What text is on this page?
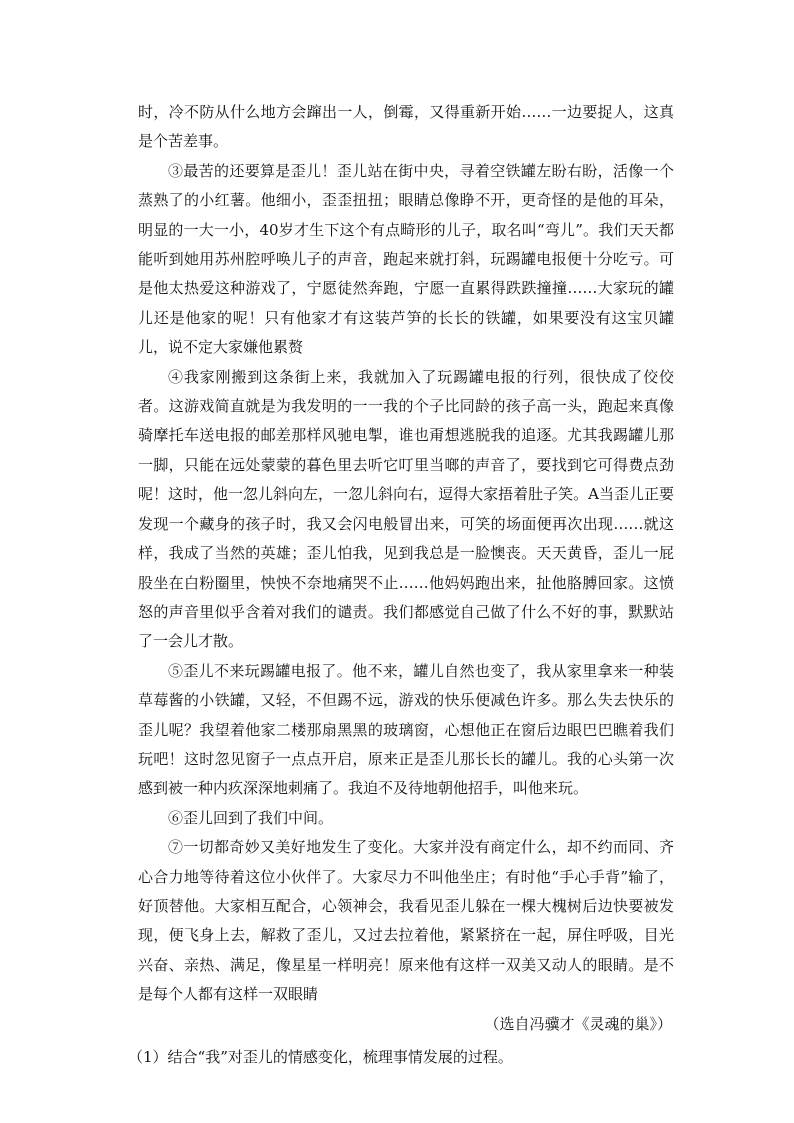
时，冷不防从什么地方会蹿出一人，倒霉，又得重新开始……一边要捉人，这真是个苦差事。

③最苦的还要算是歪儿！歪儿站在街中央，寻着空铁罐左盼右盼，活像一个蒸熟了的小红薯。他细小，歪歪扭扭；眼睛总像睁不开，更奇怪的是他的耳朵，明显的一大一小，40岁才生下这个有点畸形的儿子，取名叫“弯儿”。我们天天都能听到她用苏州腔呼唤儿子的声音，跑起来就打斜，玩踢罐电报便十分吃亏。可是他太热爱这种游戏了，宁愿徒然奔跑，宁愿一直累得跌跌撞撞……大家玩的罐儿还是他家的呢！只有他家才有这装芦笋的长长的铁罐，如果要没有这宝贝罐儿，说不定大家嫌他累赘

④我家刚搬到这条街上来，我就加入了玩踢罐电报的行列，很快成了佼佼者。这游戏简直就是为我发明的一一我的个子比同龄的孩子高一头，跑起来真像骑摩托车送电报的邮差那样风驰电掣，谁也甭想逃脱我的追逐。尤其我踢罐儿那一脚，只能在远处蒙蒙的暮色里去听它叮里当啷的声音了，要找到它可得费点劲呢！这时，他一忽儿斜向左，一忽儿斜向右，逗得大家捂着肚子笑。A当歪儿正要发现一个藏身的孩子时，我又会闪电般冒出来，可笑的场面便再次出现……就这样，我成了当然的英雄；歪儿怕我，见到我总是一脸懊丧。天天黄昏，歪儿一屁股坐在白粉圈里，怏怏不奈地痛哭不止……他妈妈跑出来，扯他胳膊回家。这愤怒的声音里似乎含着对我们的谴责。我们都感觉自己做了什么不好的事，默默站了一会儿才散。

⑤歪儿不来玩踢罐电报了。他不来，罐儿自然也变了，我从家里拿来一种装草莓酱的小铁罐，又轻，不但踢不远，游戏的快乐便减色许多。那么失去快乐的歪儿呢？我望着他家二楼那扇黑黑的玻璃窗，心想他正在窗后边眼巴巴瞧着我们玩吧！这时忽见窗子一点点开启，原来正是歪儿那长长的罐儿。我的心头第一次感到被一种内疚深深地刺痛了。我迫不及待地朝他招手，叫他来玩。

⑥歪儿回到了我们中间。

⑦一切都奇妙又美好地发生了变化。大家并没有商定什么，却不约而同、齐心合力地等待着这位小伙伴了。大家尽力不叫他坐庄；有时他“手心手背”输了，好顶替他。大家相互配合，心领神会，我看见歪儿躲在一棵大槐树后边快要被发现，便飞身上去，解救了歪儿，又过去拉着他，紧紧挤在一起，屏住呼吸，目光兴奋、亲热、满足，像星星一样明亮！原来他有这样一双美又动人的眼睛。是不是每个人都有这样一双眼睛

（选自冯骥才《灵魂的巢》）

（1）结合“我”对歪儿的情感变化，梳理事情发展的过程。
